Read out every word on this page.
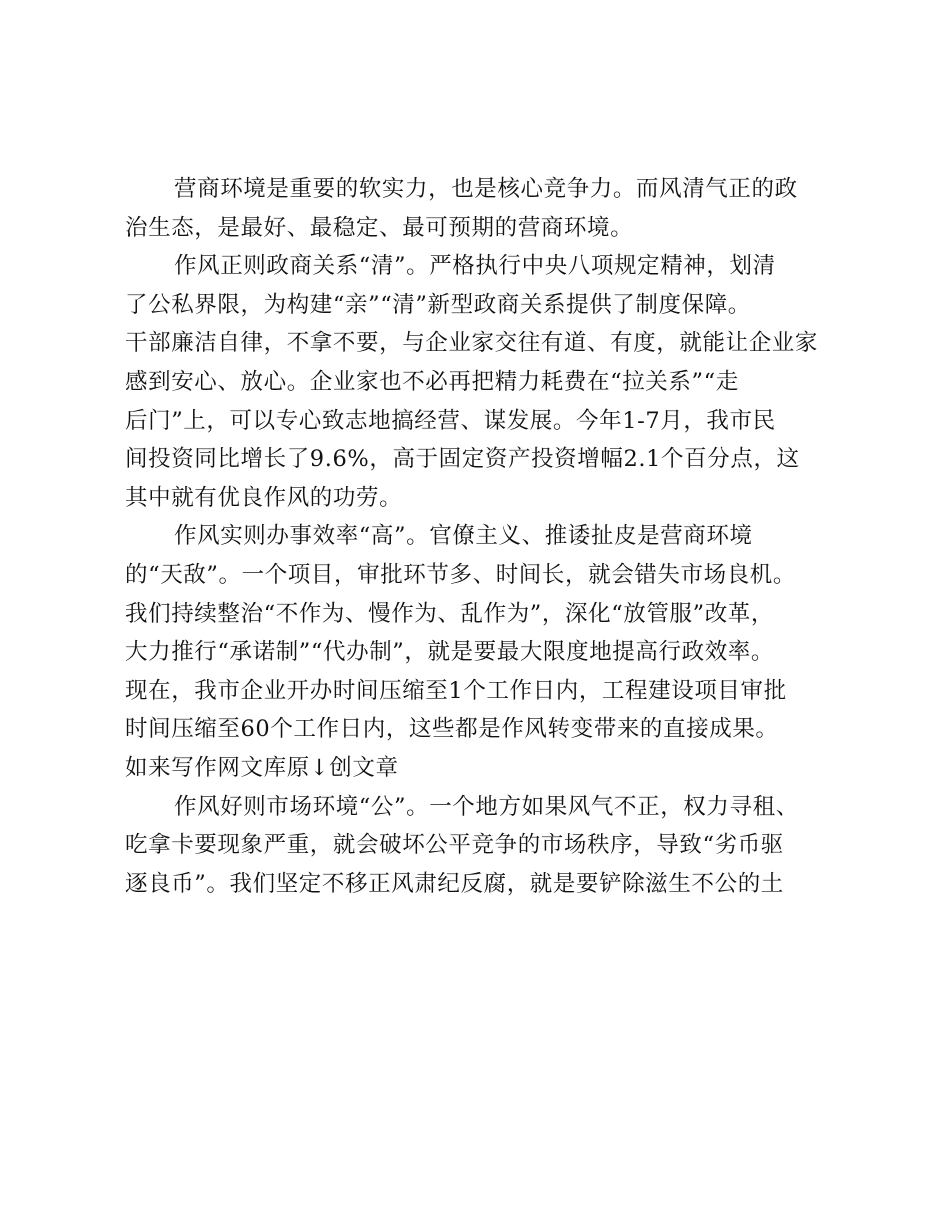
营商环境是重要的软实力，也是核心竞争力。而风清气正的政
治生态，是最好、最稳定、最可预期的营商环境。
作风正则政商关系“清”。严格执行中央八项规定精神，划清
了公私界限，为构建“亲”“清”新型政商关系提供了制度保障。
干部廉洁自律，不拿不要，与企业家交往有道、有度，就能让企业家
感到安心、放心。企业家也不必再把精力耗费在“拉关系”“走
后门”上，可以专心致志地搞经营、谋发展。今年1-7月，我市民
间投资同比增长了9.6%，高于固定资产投资增幅2.1个百分点，这
其中就有优良作风的功劳。
作风实则办事效率“高”。官僚主义、推诿扯皮是营商环境
的“天敌”。一个项目，审批环节多、时间长，就会错失市场良机。
我们持续整治“不作为、慢作为、乱作为”，深化“放管服”改革，
大力推行“承诺制”“代办制”，就是要最大限度地提高行政效率。
现在，我市企业开办时间压缩至1个工作日内，工程建设项目审批
时间压缩至60个工作日内，这些都是作风转变带来的直接成果。
如来写作网文库原↓创文章
作风好则市场环境“公”。一个地方如果风气不正，权力寻租、
吃拿卡要现象严重，就会破坏公平竞争的市场秩序，导致“劣币驱
逐良币”。我们坚定不移正风肃纪反腐，就是要铲除滋生不公的土
